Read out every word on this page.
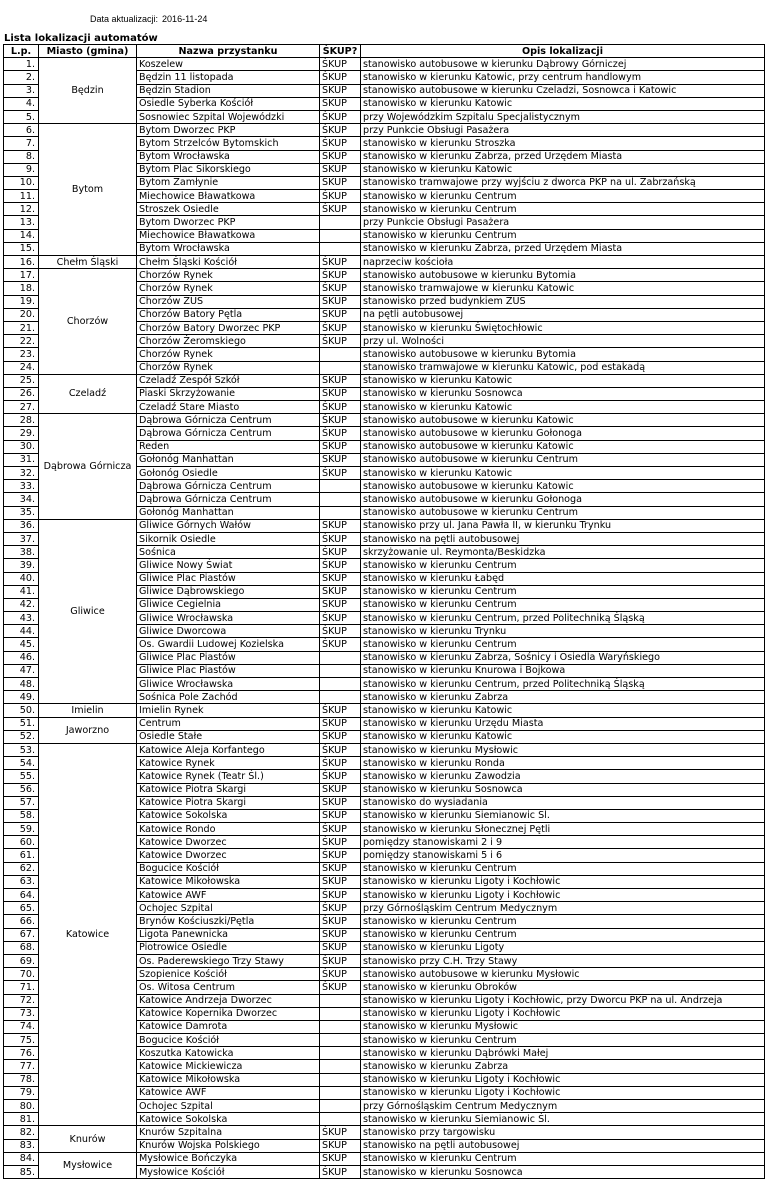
Data aktualizacji: 2016-11-24
Lista lokalizacji automatów
L.p.	Miasto (gmina)	Nazwa przystanku	ŚKUP?	Opis lokalizacji
1.	Będzin	Koszelew	ŚKUP	stanowisko autobusowe w kierunku Dąbrowy Górniczej
2.		Będzin 11 listopada	ŚKUP	stanowisko w kierunku Katowic, przy centrum handlowym
3.		Będzin Stadion	ŚKUP	stanowisko autobusowe w kierunku Czeladzi, Sosnowca i Katowic
4.		Osiedle Syberka Kościół	ŚKUP	stanowisko w kierunku Katowic
5.		Sosnowiec Szpital Wojewódzki	ŚKUP	przy Wojewódzkim Szpitalu Specjalistycznym
6.	Bytom	Bytom Dworzec PKP	ŚKUP	przy Punkcie Obsługi Pasażera
7.		Bytom Strzelców Bytomskich	ŚKUP	stanowisko w kierunku Stroszka
8.		Bytom Wrocławska	ŚKUP	stanowisko w kierunku Zabrza, przed Urzędem Miasta
9.		Bytom Plac Sikorskiego	ŚKUP	stanowisko w kierunku Katowic
10.		Bytom Zamłynie	ŚKUP	stanowisko tramwajowe przy wyjściu z dworca PKP na ul. Zabrzańską
11.		Miechowice Bławatkowa	ŚKUP	stanowisko w kierunku Centrum
12.		Stroszek Osiedle	ŚKUP	stanowisko w kierunku Centrum
13.		Bytom Dworzec PKP		przy Punkcie Obsługi Pasażera
14.		Miechowice Bławatkowa		stanowisko w kierunku Centrum
15.		Bytom Wrocławska		stanowisko w kierunku Zabrza, przed Urzędem Miasta
16.	Chełm Śląski	Chełm Śląski Kościół	ŚKUP	naprzeciw kościoła
17.	Chorzów	Chorzów Rynek	ŚKUP	stanowisko autobusowe w kierunku Bytomia
18.		Chorzów Rynek	ŚKUP	stanowisko tramwajowe w kierunku Katowic
19.		Chorzów ZUS	ŚKUP	stanowisko przed budynkiem ZUS
20.		Chorzów Batory Pętla	ŚKUP	na pętli autobusowej
21.		Chorzów Batory Dworzec PKP	ŚKUP	stanowisko w kierunku Świętochłowic
22.		Chorzów Żeromskiego	ŚKUP	przy ul. Wolności
23.		Chorzów Rynek		stanowisko autobusowe w kierunku Bytomia
24.		Chorzów Rynek		stanowisko tramwajowe w kierunku Katowic, pod estakadą
25.	Czeladź	Czeladź Zespół Szkół	ŚKUP	stanowisko w kierunku Katowic
26.		Piaski Skrzyżowanie	ŚKUP	stanowisko w kierunku Sosnowca
27.		Czeladź Stare Miasto	ŚKUP	stanowisko w kierunku Katowic
28.	Dąbrowa Górnicza	Dąbrowa Górnicza Centrum	ŚKUP	stanowisko autobusowe w kierunku Katowic
29.		Dąbrowa Górnicza Centrum	ŚKUP	stanowisko autobusowe w kierunku Gołonoga
30.		Reden	ŚKUP	stanowisko autobusowe w kierunku Katowic
31.		Gołonóg Manhattan	ŚKUP	stanowisko autobusowe w kierunku Centrum
32.		Gołonóg Osiedle	ŚKUP	stanowisko w kierunku Katowic
33.		Dąbrowa Górnicza Centrum		stanowisko autobusowe w kierunku Katowic
34.		Dąbrowa Górnicza Centrum		stanowisko autobusowe w kierunku Gołonoga
35.		Gołonóg Manhattan		stanowisko autobusowe w kierunku Centrum
36.	Gliwice	Gliwice Górnych Wałów	ŚKUP	stanowisko przy ul. Jana Pawła II, w kierunku Trynku
37.		Sikornik Osiedle	ŚKUP	stanowisko na pętli autobusowej
38.		Sośnica	ŚKUP	skrzyżowanie ul. Reymonta/Beskidzka
39.		Gliwice Nowy Świat	ŚKUP	stanowisko w kierunku Centrum
40.		Gliwice Plac Piastów	ŚKUP	stanowisko w kierunku Łabęd
41.		Gliwice Dąbrowskiego	ŚKUP	stanowisko w kierunku Centrum
42.		Gliwice Cegielnia	ŚKUP	stanowisko w kierunku Centrum
43.		Gliwice Wrocławska	ŚKUP	stanowisko w kierunku Centrum, przed Politechniką Śląską
44.		Gliwice Dworcowa	ŚKUP	stanowisko w kierunku Trynku
45.		Os. Gwardii Ludowej Kozielska	ŚKUP	stanowisko w kierunku Centrum
46.		Gliwice Plac Piastów		stanowisko w kierunku Zabrza, Sośnicy i Osiedla Waryńskiego
47.		Gliwice Plac Piastów		stanowisko w kierunku Knurowa i Bojkowa
48.		Gliwice Wrocławska		stanowisko w kierunku Centrum, przed Politechniką Śląską
49.		Sośnica Pole Zachód		stanowisko w kierunku Zabrza
50.	Imielin	Imielin Rynek	ŚKUP	stanowisko w kierunku Katowic
51.	Jaworzno	Centrum	ŚKUP	stanowisko w kierunku Urzędu Miasta
52.		Osiedle Stałe	ŚKUP	stanowisko w kierunku Katowic
53.	Katowice	Katowice Aleja Korfantego	ŚKUP	stanowisko w kierunku Mysłowic
54.		Katowice Rynek	ŚKUP	stanowisko w kierunku Ronda
55.		Katowice Rynek (Teatr Śl.)	ŚKUP	stanowisko w kierunku Zawodzia
56.		Katowice Piotra Skargi	ŚKUP	stanowisko w kierunku Sosnowca
57.		Katowice Piotra Skargi	ŚKUP	stanowisko do wysiadania
58.		Katowice Sokolska	ŚKUP	stanowisko w kierunku Siemianowic Śl.
59.		Katowice Rondo	ŚKUP	stanowisko w kierunku Słonecznej Pętli
60.		Katowice Dworzec	ŚKUP	pomiędzy stanowiskami 2 i 9
61.		Katowice Dworzec	ŚKUP	pomiędzy stanowiskami 5 i 6
62.		Bogucice Kościół	ŚKUP	stanowisko w kierunku Centrum
63.		Katowice Mikołowska	ŚKUP	stanowisko w kierunku Ligoty i Kochłowic
64.		Katowice AWF	ŚKUP	stanowisko w kierunku Ligoty i Kochłowic
65.		Ochojec Szpital	ŚKUP	przy Górnośląskim Centrum Medycznym
66.		Brynów Kościuszki/Pętla	ŚKUP	stanowisko w kierunku Centrum
67.		Ligota Panewnicka	ŚKUP	stanowisko w kierunku Centrum
68.		Piotrowice Osiedle	ŚKUP	stanowisko w kierunku Ligoty
69.		Os. Paderewskiego Trzy Stawy	ŚKUP	stanowisko przy C.H. Trzy Stawy
70.		Szopienice Kościół	ŚKUP	stanowisko autobusowe w kierunku Mysłowic
71.		Os. Witosa Centrum	ŚKUP	stanowisko w kierunku Obroków
72.		Katowice Andrzeja Dworzec		stanowisko w kierunku Ligoty i Kochłowic, przy Dworcu PKP na ul. Andrzeja
73.		Katowice Kopernika Dworzec		stanowisko w kierunku Ligoty i Kochłowic
74.		Katowice Damrota		stanowisko w kierunku Mysłowic
75.		Bogucice Kościół		stanowisko w kierunku Centrum
76.		Koszutka Katowicka		stanowisko w kierunku Dąbrówki Małej
77.		Katowice Mickiewicza		stanowisko w kierunku Zabrza
78.		Katowice Mikołowska		stanowisko w kierunku Ligoty i Kochłowic
79.		Katowice AWF		stanowisko w kierunku Ligoty i Kochłowic
80.		Ochojec Szpital		przy Górnośląskim Centrum Medycznym
81.		Katowice Sokolska		stanowisko w kierunku Siemianowic Śl.
82.	Knurów	Knurów Szpitalna	ŚKUP	stanowisko przy targowisku
83.		Knurów Wojska Polskiego	ŚKUP	stanowisko na pętli autobusowej
84.	Mysłowice	Mysłowice Bończyka	ŚKUP	stanowisko w kierunku Centrum
85.		Mysłowice Kościół	ŚKUP	stanowisko w kierunku Sosnowca
